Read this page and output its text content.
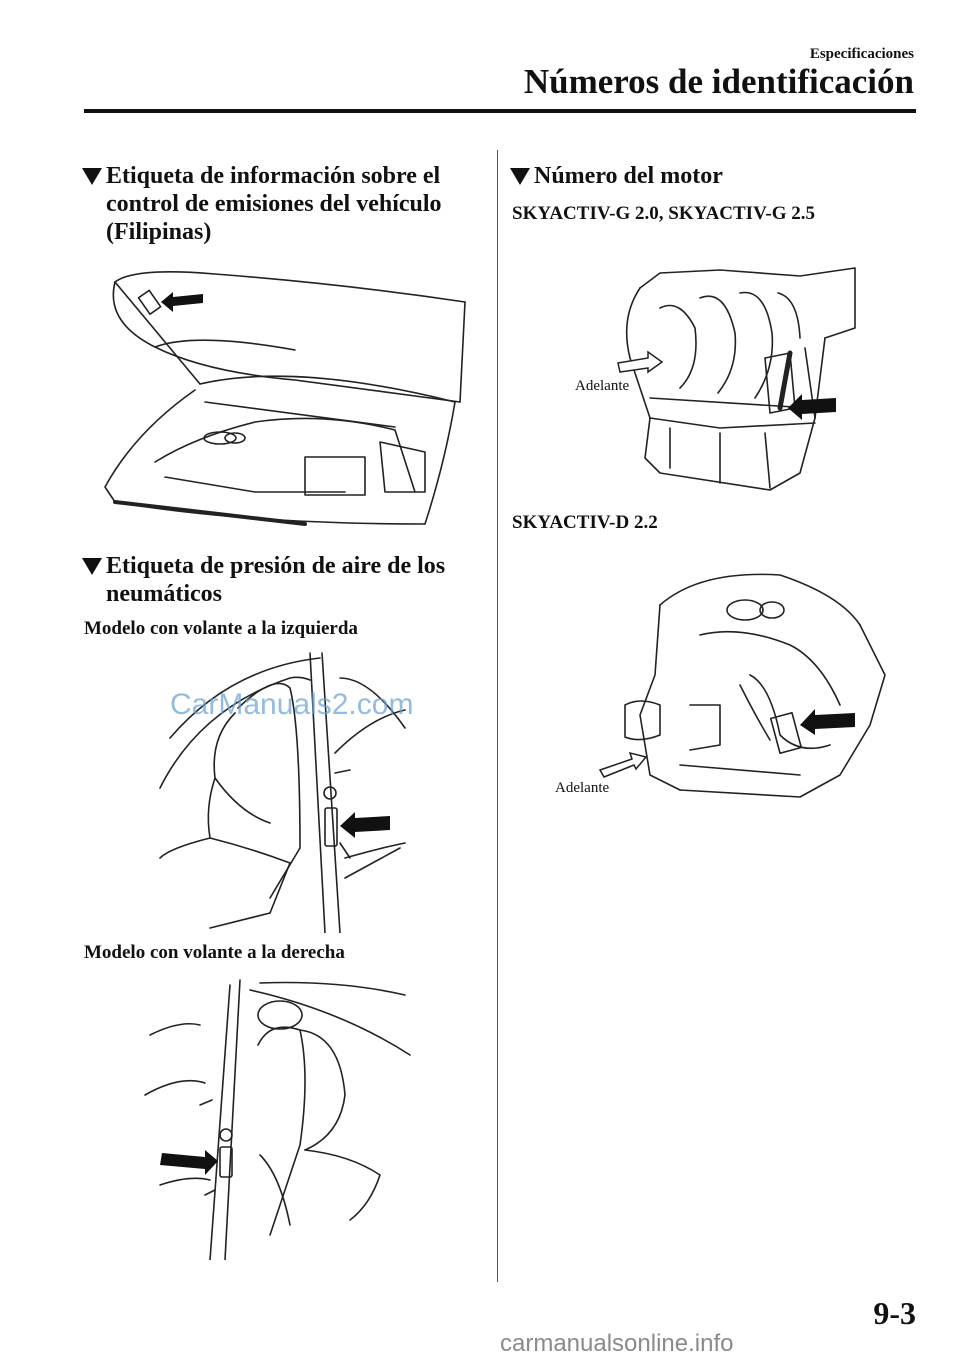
Especificaciones
Números de identificación
Etiqueta de información sobre el
control de emisiones del vehículo
(Filipinas)
Etiqueta de presión de aire de los
neumáticos
Modelo con volante a la izquierda
CarManuals2.com
Modelo con volante a la derecha
Número del motor
SKYACTIV-G 2.0, SKYACTIV-G 2.5
Adelante
SKYACTIV-D 2.2
Adelante
9-3
carmanualsonline.info
